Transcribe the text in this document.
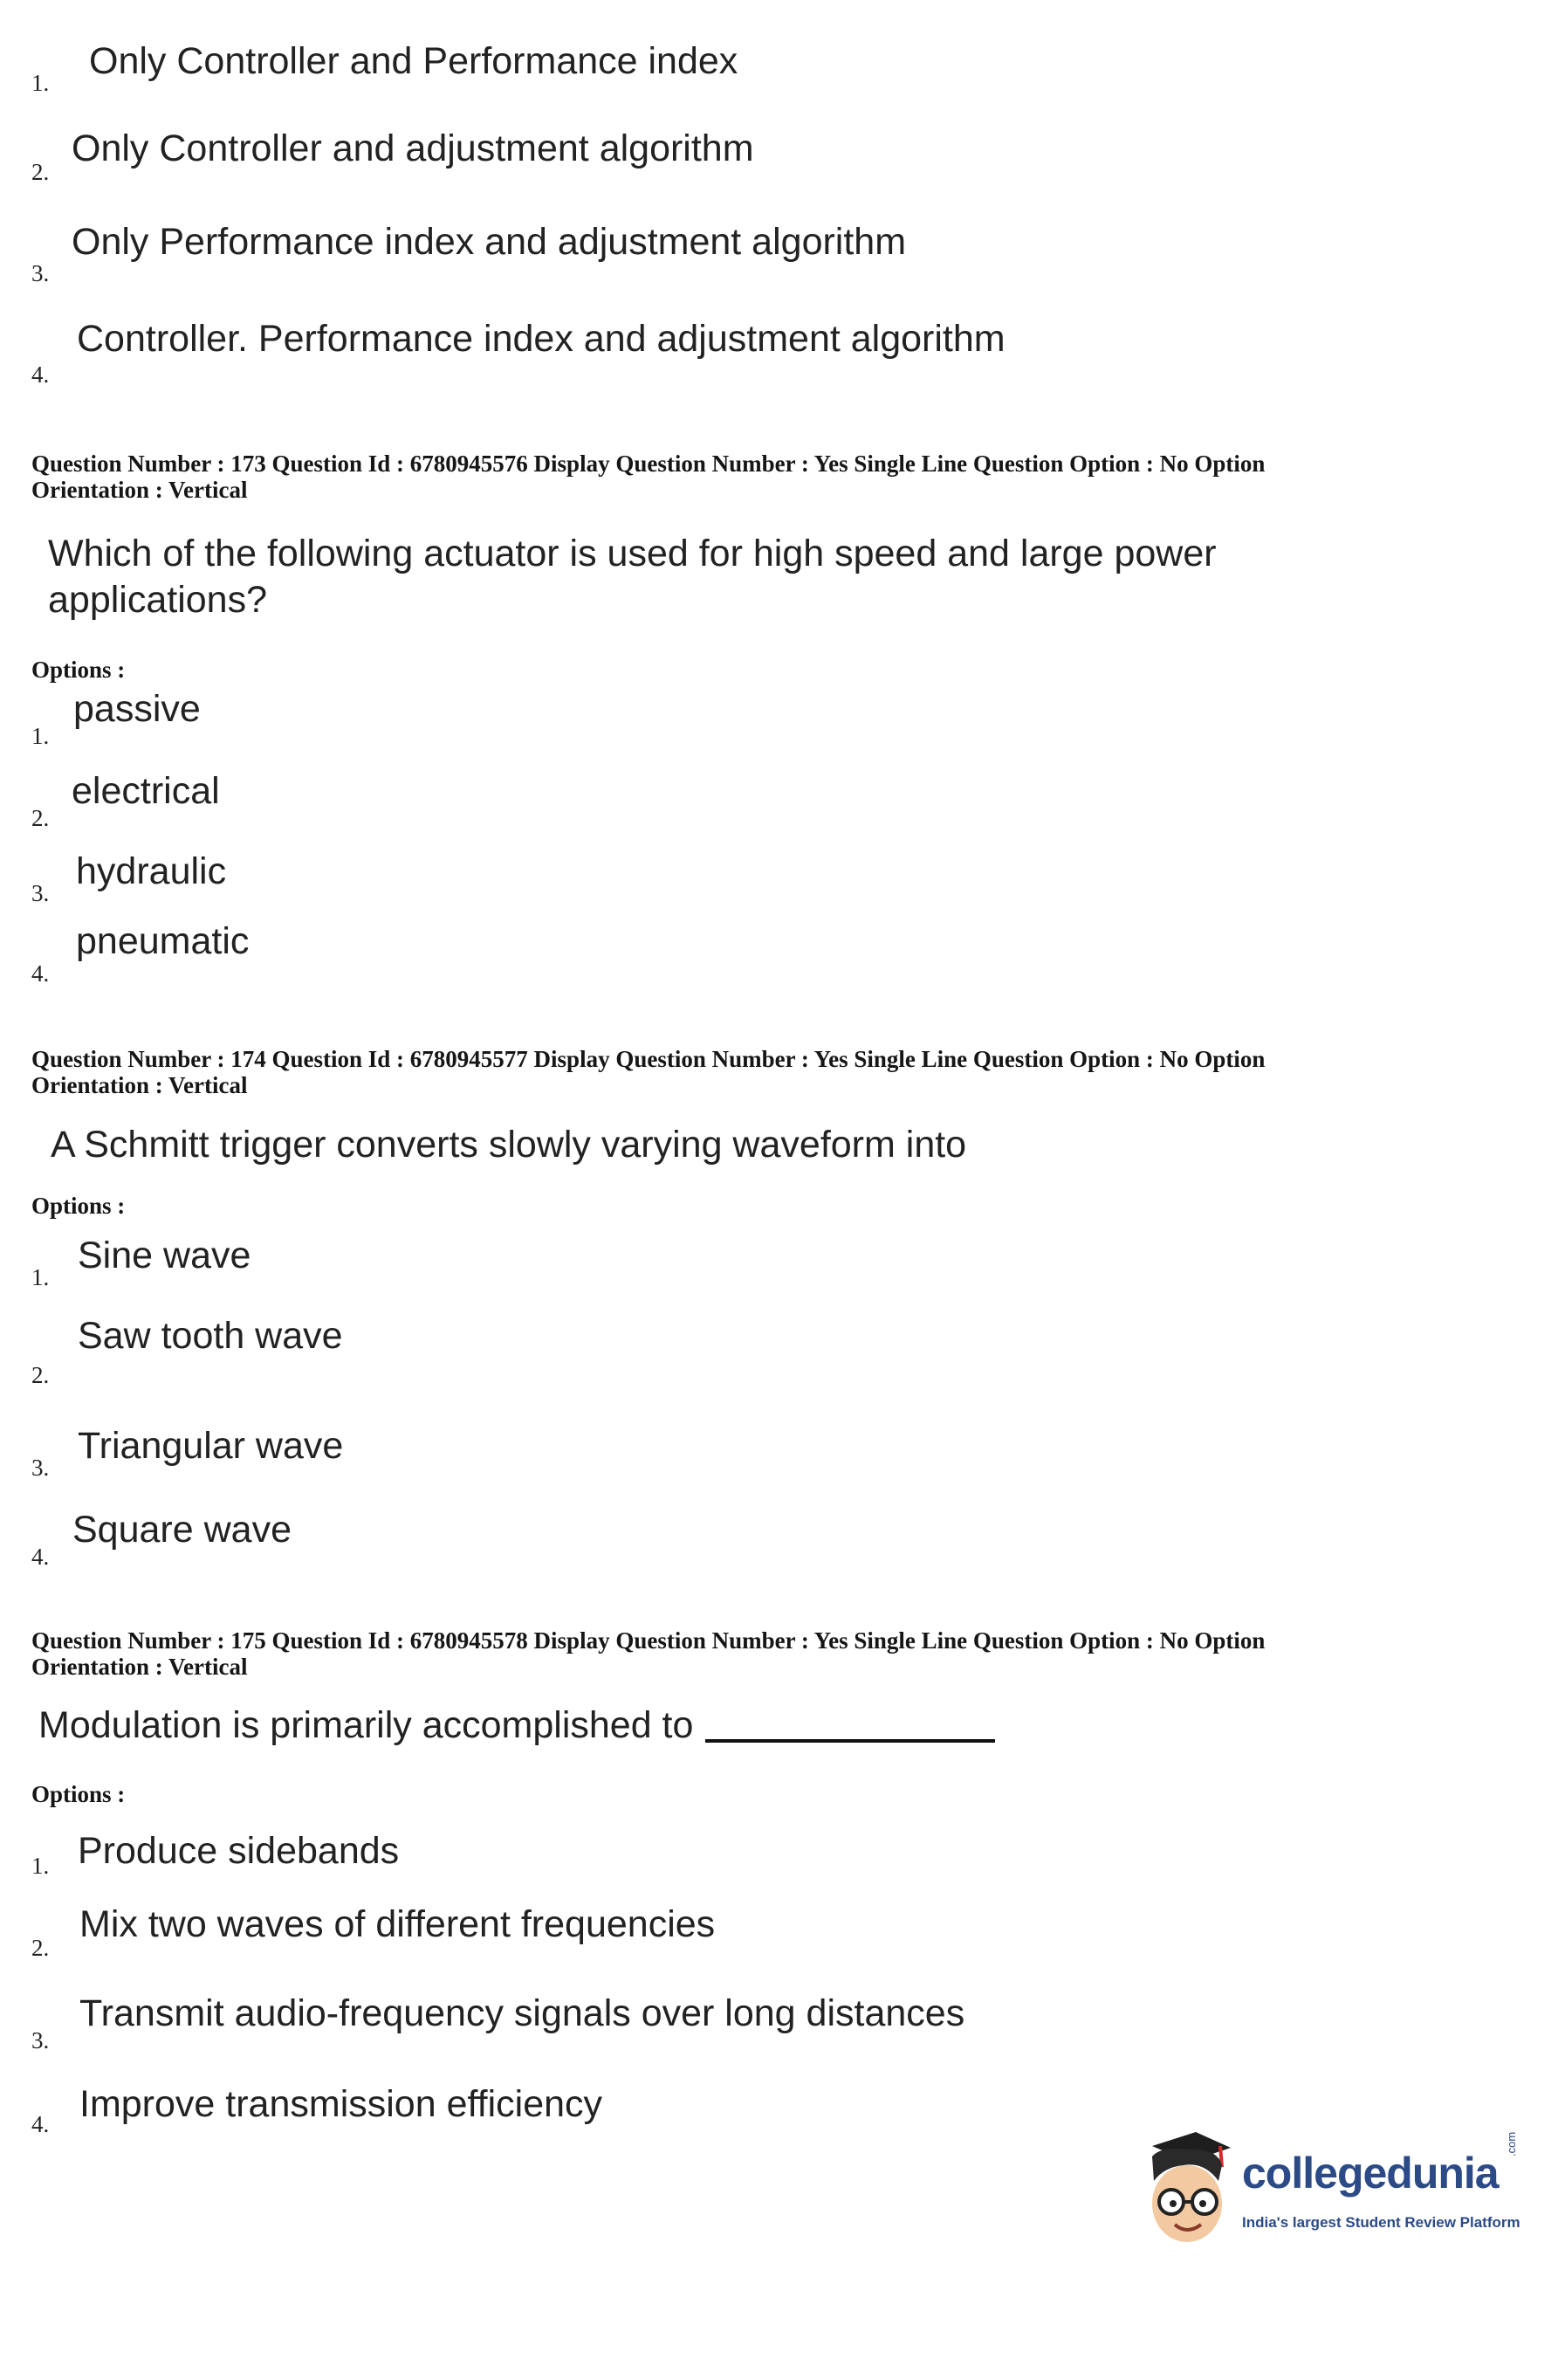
1.
Only Controller and Performance index
2.
Only Controller and adjustment algorithm
3.
Only Performance index and adjustment algorithm
4.
Controller. Performance index and adjustment algorithm
Question Number : 173 Question Id : 6780945576 Display Question Number : Yes Single Line Question Option : No Option
Orientation : Vertical
Which of the following actuator is used for high speed and large power
applications?
Options :
1.
passive
2.
electrical
3.
hydraulic
4.
pneumatic
Question Number : 174 Question Id : 6780945577 Display Question Number : Yes Single Line Question Option : No Option
Orientation : Vertical
A Schmitt trigger converts slowly varying waveform into
Options :
1.
Sine wave
2.
Saw tooth wave
3.
Triangular wave
4.
Square wave
Question Number : 175 Question Id : 6780945578 Display Question Number : Yes Single Line Question Option : No Option
Orientation : Vertical
Modulation is primarily accomplished to
Options :
1. Produce sidebands
2.
Mix two waves of different frequencies
3.
Transmit audio-frequency signals over long distances
4. Improve transmission efficiency
collegedunia
.com
India's largest Student Review Platform
